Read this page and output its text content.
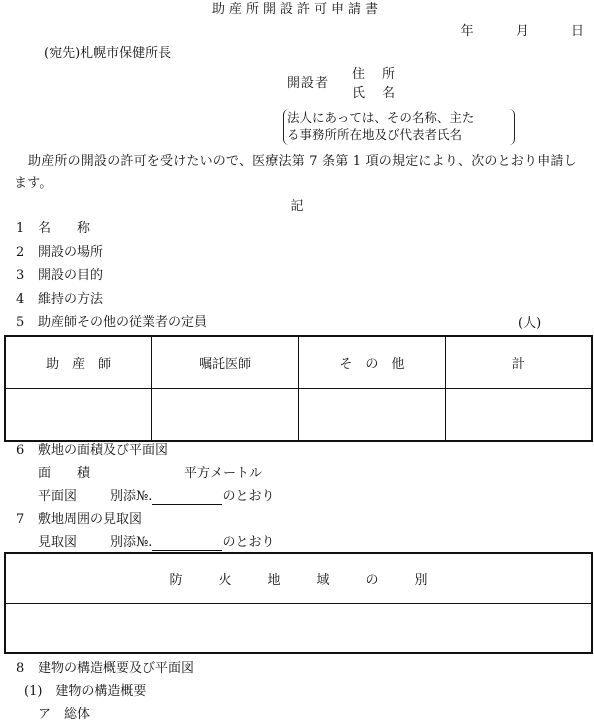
助産所開設許可申請書
年	月	日
(宛先)札幌市保健所長
開設者
住　所
氏　名
法人にあっては、その名称、主た
る事務所所在地及び代表者氏名
助産所の開設の許可を受けたいので、医療法第 7 条第 1 項の規定により、次のとおり申請します。
記
1 名　　称
2 開設の場所
3 開設の目的
4 維持の方法
5 助産師その他の従業者の定員	(人)
助　産　師	嘱託医師	そ　の　他	計

6 敷地の面積及び平面図
面　　積	平方メートル
平面図	別添№.	のとおり
7 敷地周囲の見取図
見取図	別添№.	のとおり
防火地域の別
8 建物の構造概要及び平面図
(1)　建物の構造概要
ア　総体
